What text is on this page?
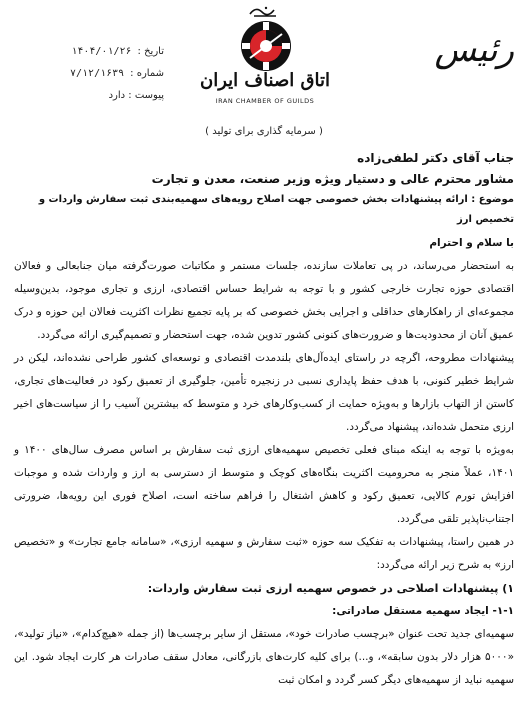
تاریخ :
۱۴۰۴/۰۱/۲۶
شماره :
۷/۱۲/۱۶۳۹
پیوست : دارد
اتاق اصناف ایران
IRAN CHAMBER OF GUILDS
رئیس
( سرمایه گذاری برای تولید )
جناب آقای دکتر لطفی‌زاده
مشاور محترم عالی و دستیار ویژه وزیر صنعت، معدن و تجارت
موضوع : ارائه پیشنهادات بخش خصوصی جهت اصلاح رویه‌های سهمیه‌بندی ثبت سفارش واردات و تخصیص ارز

با سلام و احترام

به استحضار می‌رساند، در پی تعاملات سازنده، جلسات مستمر و مکاتبات صورت‌گرفته میان جنابعالی و فعالان اقتصادی حوزه تجارت خارجی کشور و با توجه به شرایط حساس اقتصادی، ارزی و تجاری موجود، بدین‌وسیله مجموعه‌ای از راهکارهای حداقلی و اجرایی بخش خصوصی که بر پایه تجمیع نظرات اکثریت فعالان این حوزه و درک عمیق آنان از محدودیت‌ها و ضرورت‌های کنونی کشور تدوین شده، جهت استحضار و تصمیم‌گیری ارائه می‌گردد.

پیشنهادات مطروحه، اگرچه در راستای ایده‌آل‌های بلندمدت اقتصادی و توسعه‌ای کشور طراحی نشده‌اند، لیکن در شرایط خطیر کنونی، با هدف حفظ پایداری نسبی در زنجیره تأمین، جلوگیری از تعمیق رکود در فعالیت‌های تجاری، کاستن از التهاب بازارها و به‌ویژه حمایت از کسب‌وکارهای خرد و متوسط که بیشترین آسیب را از سیاست‌های اخیر ارزی متحمل شده‌اند، پیشنهاد می‌گردد.

به‌ویژه با توجه به اینکه مبنای فعلی تخصیص سهمیه‌های ارزی ثبت سفارش بر اساس مصرف سال‌های ۱۴۰۰ و ۱۴۰۱، عملاً منجر به محرومیت اکثریت بنگاه‌های کوچک و متوسط از دسترسی به ارز و واردات شده و موجبات افزایش تورم کالایی، تعمیق رکود و کاهش اشتغال را فراهم ساخته است، اصلاح فوری این رویه‌ها، ضرورتی اجتناب‌ناپذیر تلقی می‌گردد.

در همین راستا، پیشنهادات به تفکیک سه حوزه «ثبت سفارش و سهمیه ارزی»، «سامانه جامع تجارت» و «تخصیص ارز» به شرح زیر ارائه می‌گردد:

۱) پیشنهادات اصلاحی در خصوص سهمیه ارزی ثبت سفارش واردات:

۱-۱- ایجاد سهمیه مستقل صادراتی:

سهمیه‌ای جدید تحت عنوان «برچسب صادرات خود»، مستقل از سایر برچسب‌ها (از جمله «هیچ‌کدام»، «نیاز تولید»، «۵۰۰۰ هزار دلار بدون سابقه»، و...) برای کلیه کارت‌های بازرگانی، معادل سقف صادرات هر کارت ایجاد شود. این سهمیه نباید از سهمیه‌های دیگر کسر گردد و امکان ثبت
